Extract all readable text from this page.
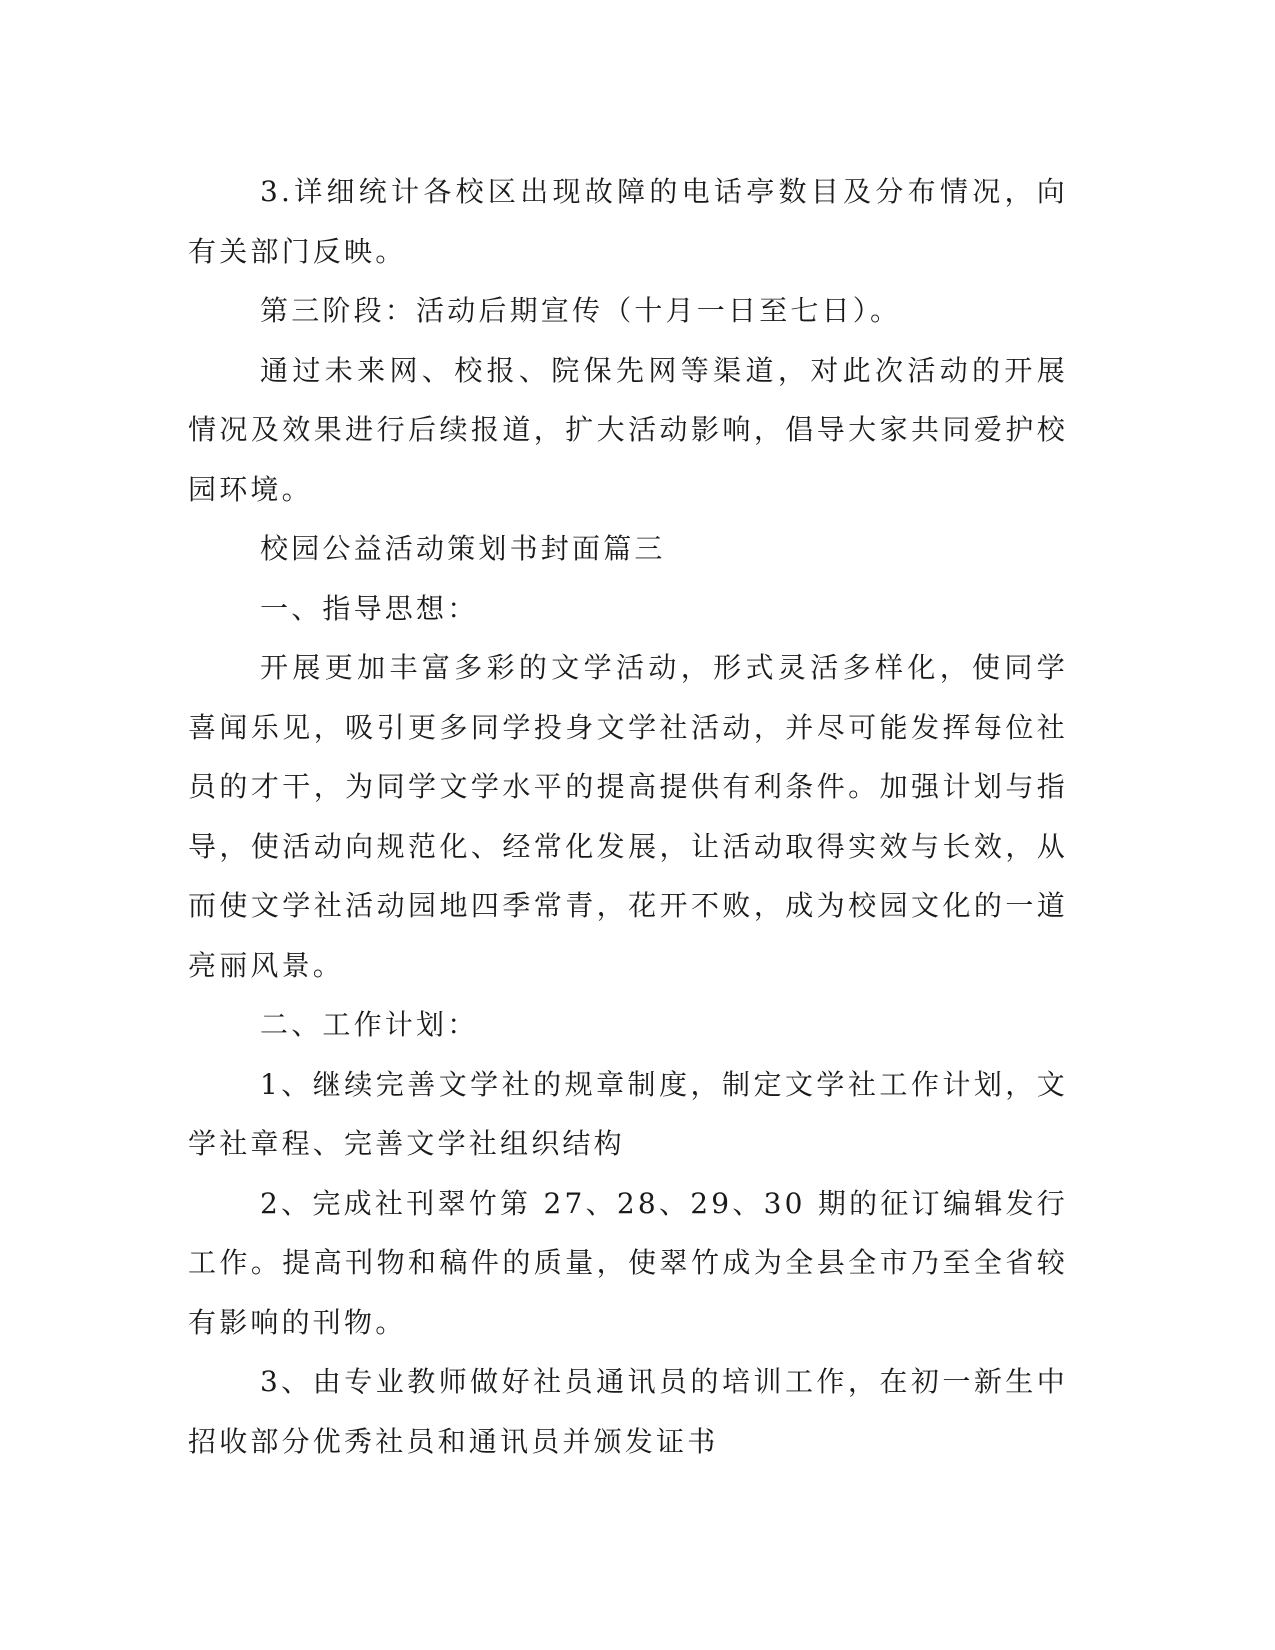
3.详细统计各校区出现故障的电话亭数目及分布情况，向有关部门反映。

第三阶段：活动后期宣传（十月一日至七日）。

通过未来网、校报、院保先网等渠道，对此次活动的开展情况及效果进行后续报道，扩大活动影响，倡导大家共同爱护校园环境。

校园公益活动策划书封面篇三

一、指导思想：

开展更加丰富多彩的文学活动，形式灵活多样化，使同学喜闻乐见，吸引更多同学投身文学社活动，并尽可能发挥每位社员的才干，为同学文学水平的提高提供有利条件。加强计划与指导，使活动向规范化、经常化发展，让活动取得实效与长效，从而使文学社活动园地四季常青，花开不败，成为校园文化的一道亮丽风景。

二、工作计划：

1、继续完善文学社的规章制度，制定文学社工作计划，文学社章程、完善文学社组织结构

2、完成社刊翠竹第 27、28、29、30 期的征订编辑发行工作。提高刊物和稿件的质量，使翠竹成为全县全市乃至全省较有影响的刊物。

3、由专业教师做好社员通讯员的培训工作，在初一新生中招收部分优秀社员和通讯员并颁发证书
